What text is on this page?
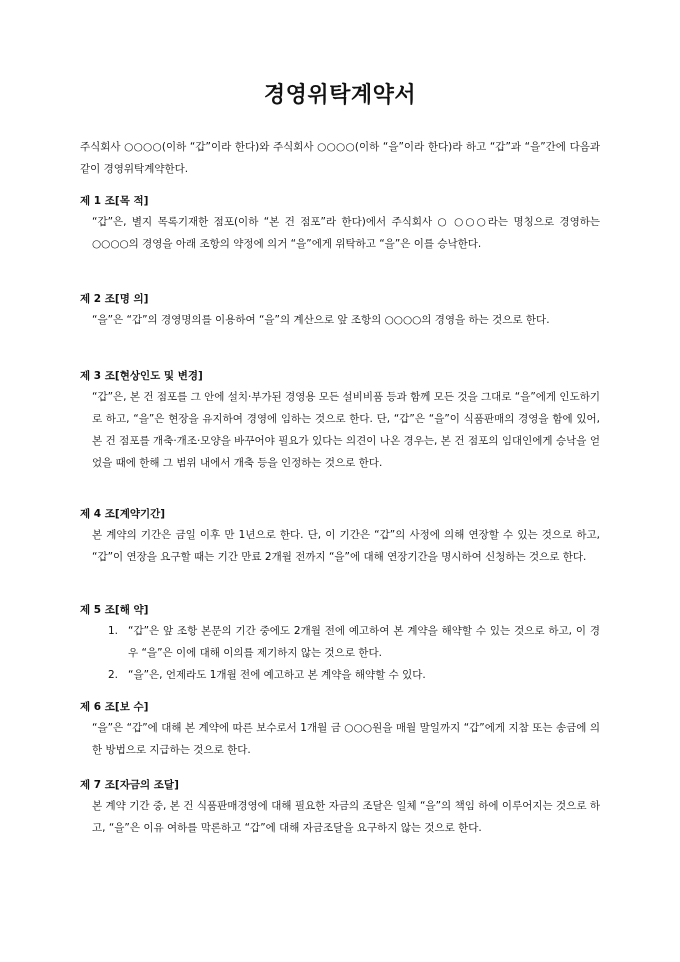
경영위탁계약서

주식회사 ○○○○(이하 “갑”이라 한다)와 주식회사 ○○○○(이하 “을”이라 한다)라 하고 “갑”과 “을”간에 다음과 같이 경영위탁계약한다.

제 1 조[목 적]

“갑”은, 별지 목록기재한 점포(이하 “본 건 점포”라 한다)에서 주식회사 ○ ○○○라는 명칭으로 경영하는 ○○○○의 경영을 아래 조항의 약정에 의거 “을”에게 위탁하고 “을”은 이를 승낙한다.

제 2 조[명 의]

“을”은 “갑”의 경영명의를 이용하여 “을”의 계산으로 앞 조항의 ○○○○의 경영을 하는 것으로 한다.

제 3 조[현상인도 및 변경]

“갑”은, 본 건 점포를 그 안에 설치·부가된 경영용 모든 설비비품 등과 함께 모든 것을 그대로 “을”에게 인도하기로 하고, “을”은 현장을 유지하여 경영에 임하는 것으로 한다. 단, “갑”은 “을”이 식품판매의 경영을 함에 있어, 본 건 점포를 개축·개조·모양을 바꾸어야 필요가 있다는 의견이 나온 경우는, 본 건 점포의 임대인에게 승낙을 얻었을 때에 한해 그 범위 내에서 개축 등을 인정하는 것으로 한다.

제 4 조[계약기간]

본 계약의 기간은 금일 이후 만 1년으로 한다. 단, 이 기간은 “갑”의 사정에 의해 연장할 수 있는 것으로 하고, “갑”이 연장을 요구할 때는 기간 만료 2개월 전까지 “을”에 대해 연장기간을 명시하여 신청하는 것으로 한다.

제 5 조[해 약]

1. “갑”은 앞 조항 본문의 기간 중에도 2개월 전에 예고하여 본 계약을 해약할 수 있는 것으로 하고, 이 경우 “을”은 이에 대해 이의를 제기하지 않는 것으로 한다.
2. “을”은, 언제라도 1개월 전에 예고하고 본 계약을 해약할 수 있다.

제 6 조[보 수]

“을”은 “갑”에 대해 본 계약에 따른 보수로서 1개월 금 ○○○원을 매월 말일까지 “갑”에게 지참 또는 송금에 의한 방법으로 지급하는 것으로 한다.

제 7 조[자금의 조달]

본 계약 기간 중, 본 건 식품판매경영에 대해 필요한 자금의 조달은 일체 “을”의 책임 하에 이루어지는 것으로 하고, “을”은 이유 여하를 막론하고 “갑”에 대해 자금조달을 요구하지 않는 것으로 한다.
